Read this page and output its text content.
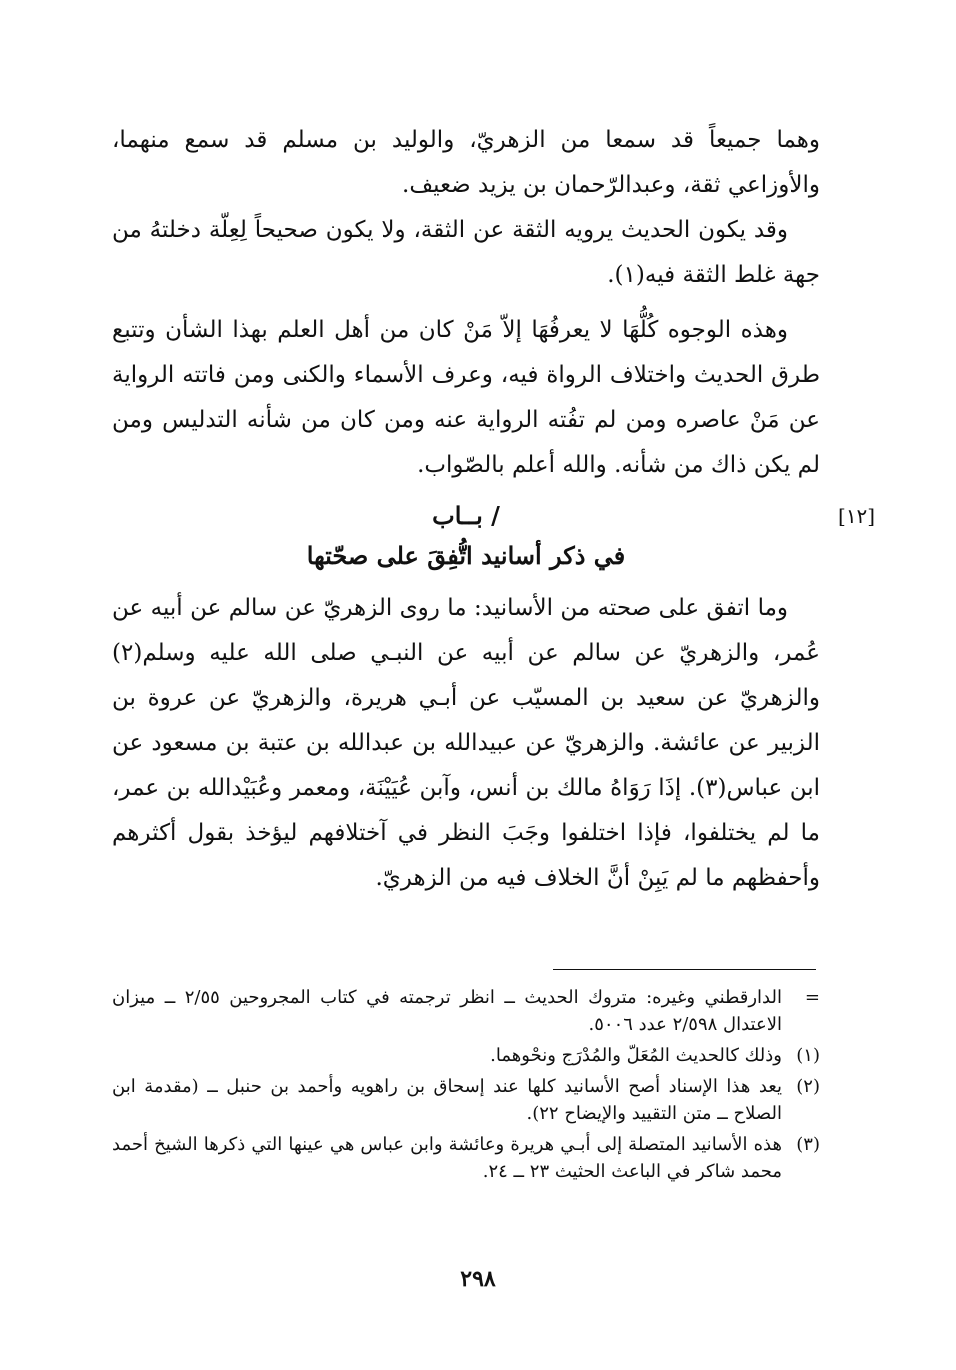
[١٢]

وهما جميعاً قد سمعا من الزهريّ، والوليد بن مسلم قد سمع منهما، والأوزاعي ثقة، وعبدالرّحمان بن يزيد ضعيف.

وقد يكون الحديث يرويه الثقة عن الثقة، ولا يكون صحيحاً لِعِلّة دخلتهُ من جهة غلط الثقة فيه(١).

وهذه الوجوه كُلُّهَا لا يعرفُهَا إلاّ مَنْ كان من أهل العلم بهذا الشأن وتتبع طرق الحديث واختلاف الرواة فيه، وعرف الأسماء والكنى ومن فاتته الرواية عن مَنْ عاصره ومن لم تفُته الرواية عنه ومن كان من شأنه التدليس ومن لم يكن ذاك من شأنه. والله أعلم بالصّواب.

/ بــاب
في ذكر أسانيد اتُّفِقَ على صحّتها

وما اتفق على صحته من الأسانيد: ما روى الزهريّ عن سالم عن أبيه عن عُمر، والزهريّ عن سالم عن أبيه عن النبـي صلى الله عليه وسلم(٢) والزهريّ عن سعيد بن المسيّب عن أبـي هريرة، والزهريّ عن عروة بن الزبير عن عائشة. والزهريّ عن عبيدالله بن عبدالله بن عتبة بن مسعود عن ابن عباس(٣). إذَا رَوَاهُ مالك بن أنس، وآبن عُيَيْنَة، ومعمر وعُبَيْدالله بن عمر، ما لم يختلفوا، فإذا اختلفوا وجَبَ النظر في آختلافهم ليؤخذ بقول أكثرهم وأحفظهم ما لم يَبِنْ أنَّ الخلاف فيه من الزهريّ.

=
الدارقطني وغيره: متروك الحديث ــ انظر ترجمته في كتاب المجروحين ٢/٥٥ ــ ميزان الاعتدال ٢/٥٩٨ عدد ٥٠٠٦.
(١)
وذلك كالحديث المُعَلّ والمُدْرَج ونحْوهما.
(٢)
يعد هذا الإسناد أصح الأسانيد كلها عند إسحاق بن راهويه وأحمد بن حنبل ــ (مقدمة ابن الصلاح ــ متن التقييد والإيضاح ٢٢).
(٣)
هذه الأسانيد المتصلة إلى أبـي هريرة وعائشة وابن عباس هي عينها التي ذكرها الشيخ أحمد محمد شاكر في الباعث الحثيث ٢٣ ــ ٢٤.
٢٩٨
